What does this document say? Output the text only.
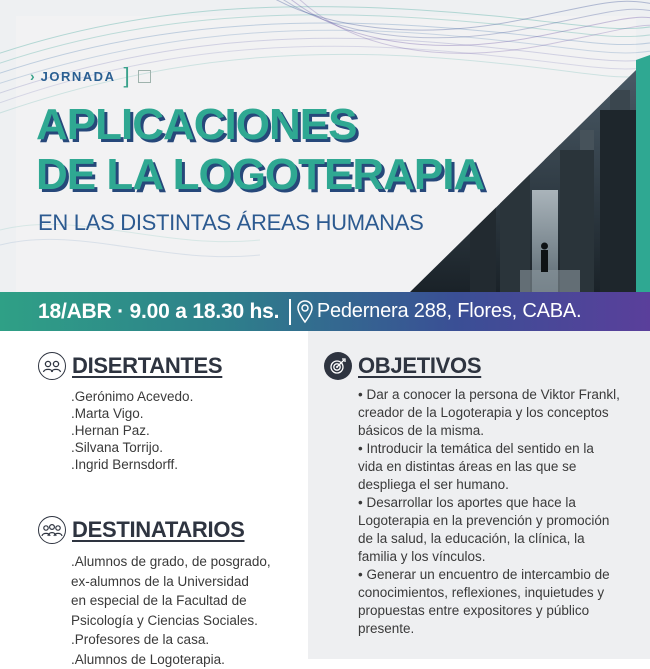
› JORNADA ]
APLICACIONES
DE LA LOGOTERAPIA
EN LAS DISTINTAS ÁREAS HUMANAS
18/ABR · 9.00 a 18.30 hs. Pedernera 288, Flores, CABA.
DISERTANTES
.Gerónimo Acevedo.
.Marta Vigo.
.Hernan Paz.
.Silvana Torrijo.
.Ingrid Bernsdorff.
DESTINATARIOS
.Alumnos de grado, de posgrado,
ex-alumnos de la Universidad
en especial de la Facultad de
Psicología y Ciencias Sociales.
.Profesores de la casa.
.Alumnos de Logoterapia.
OBJETIVOS

• Dar a conocer la persona de Viktor Frankl, creador de la Logoterapia y los conceptos básicos de la misma.

• Introducir la temática del sentido en la vida en distintas áreas en las que se despliega el ser humano.

• Desarrollar los aportes que hace la Logoterapia en la prevención y promoción de la salud, la educación, la clínica, la familia y los vínculos.

• Generar un encuentro de intercambio de conocimientos, reflexiones, inquietudes y propuestas entre expositores y público presente.
